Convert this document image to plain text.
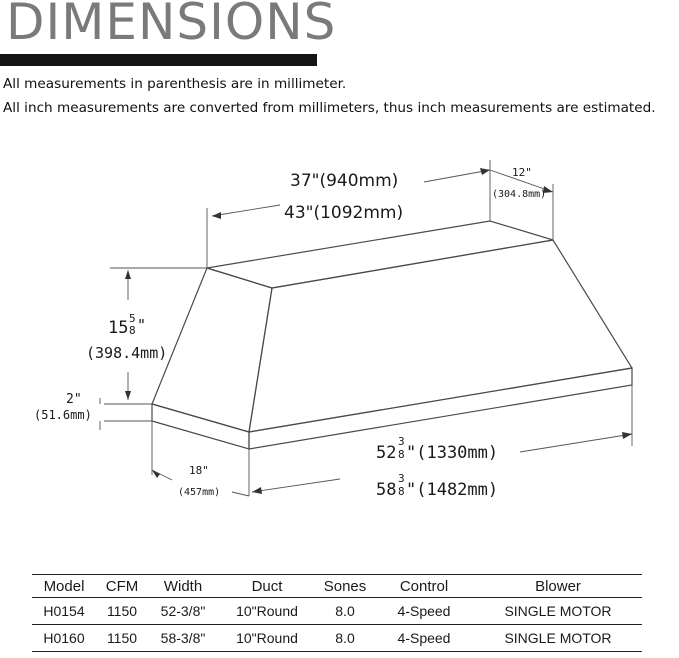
DIMENSIONS
All measurements in parenthesis are in millimeter.
All inch measurements are converted from millimeters, thus inch measurements are estimated.
37"(940mm)
43"(1092mm)
12"
(304.8mm)
15 5
8 "
(398.4mm)
2"
(51.6mm)
18"
(457mm)
52
3
8 "(1330mm)
58
3
8 "(1482mm)
Model	CFM	Width	Duct	Sones	Control	Blower
H0154	1150	52-3/8"	10"Round	8.0	4-Speed	SINGLE MOTOR
H0160	1150	58-3/8"	10"Round	8.0	4-Speed	SINGLE MOTOR
